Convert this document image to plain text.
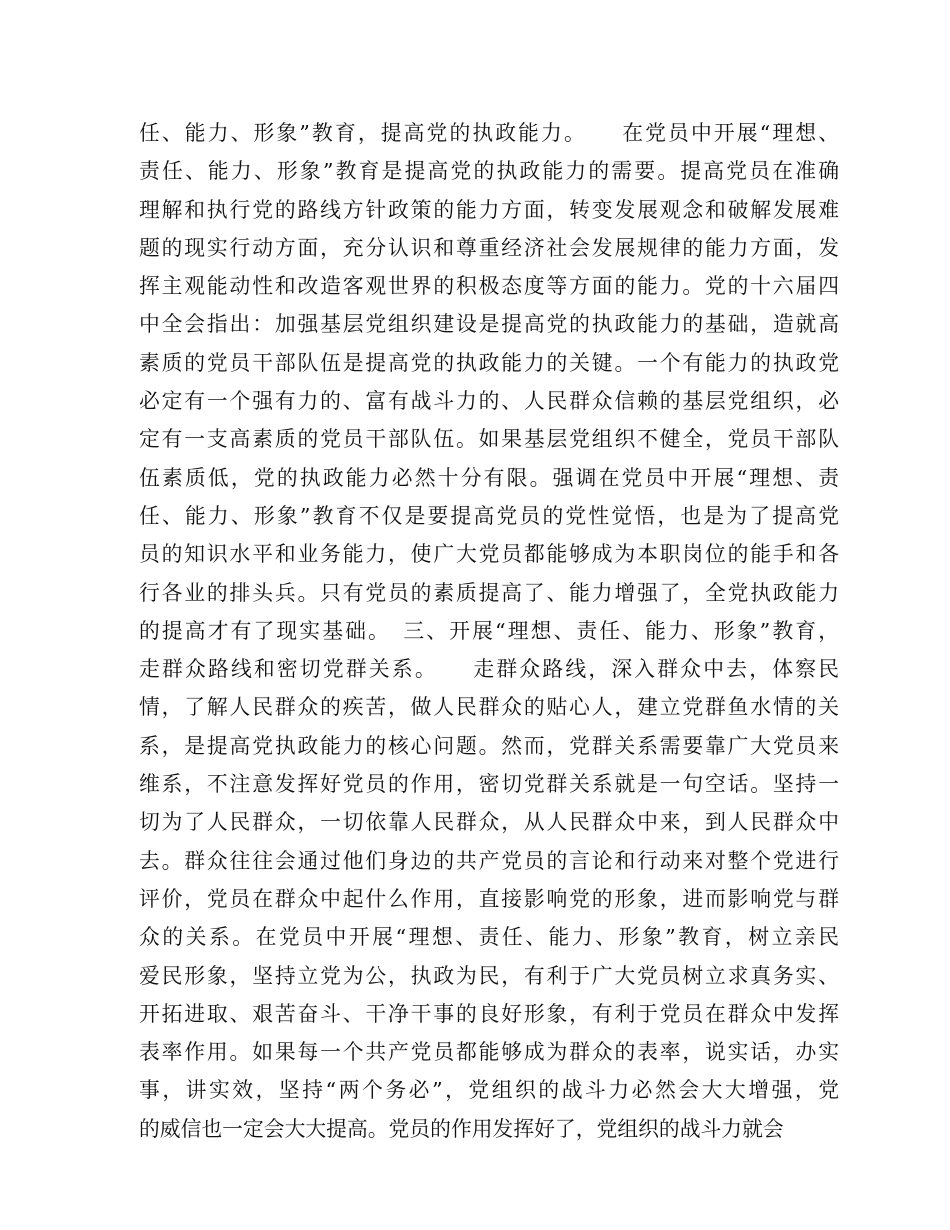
任、能力、形象”教育，提高党的执政能力。　　在党员中开展“理想、
责任、能力、形象”教育是提高党的执政能力的需要。提高党员在准确
理解和执行党的路线方针政策的能力方面，转变发展观念和破解发展难
题的现实行动方面，充分认识和尊重经济社会发展规律的能力方面，发
挥主观能动性和改造客观世界的积极态度等方面的能力。党的十六届四
中全会指出：加强基层党组织建设是提高党的执政能力的基础，造就高
素质的党员干部队伍是提高党的执政能力的关键。一个有能力的执政党
必定有一个强有力的、富有战斗力的、人民群众信赖的基层党组织，必
定有一支高素质的党员干部队伍。如果基层党组织不健全，党员干部队
伍素质低，党的执政能力必然十分有限。强调在党员中开展“理想、责
任、能力、形象”教育不仅是要提高党员的党性觉悟，也是为了提高党
员的知识水平和业务能力，使广大党员都能够成为本职岗位的能手和各
行各业的排头兵。只有党员的素质提高了、能力增强了，全党执政能力
的提高才有了现实基础。　三、开展“理想、责任、能力、形象”教育，
走群众路线和密切党群关系。　　走群众路线，深入群众中去，体察民
情，了解人民群众的疾苦，做人民群众的贴心人，建立党群鱼水情的关
系，是提高党执政能力的核心问题。然而，党群关系需要靠广大党员来
维系，不注意发挥好党员的作用，密切党群关系就是一句空话。坚持一
切为了人民群众，一切依靠人民群众，从人民群众中来，到人民群众中
去。群众往往会通过他们身边的共产党员的言论和行动来对整个党进行
评价，党员在群众中起什么作用，直接影响党的形象，进而影响党与群
众的关系。在党员中开展“理想、责任、能力、形象”教育，树立亲民
爱民形象，坚持立党为公，执政为民，有利于广大党员树立求真务实、
开拓进取、艰苦奋斗、干净干事的良好形象，有利于党员在群众中发挥
表率作用。如果每一个共产党员都能够成为群众的表率，说实话，办实
事，讲实效，坚持“两个务必”，党组织的战斗力必然会大大增强，党
的威信也一定会大大提高。党员的作用发挥好了，党组织的战斗力就会
